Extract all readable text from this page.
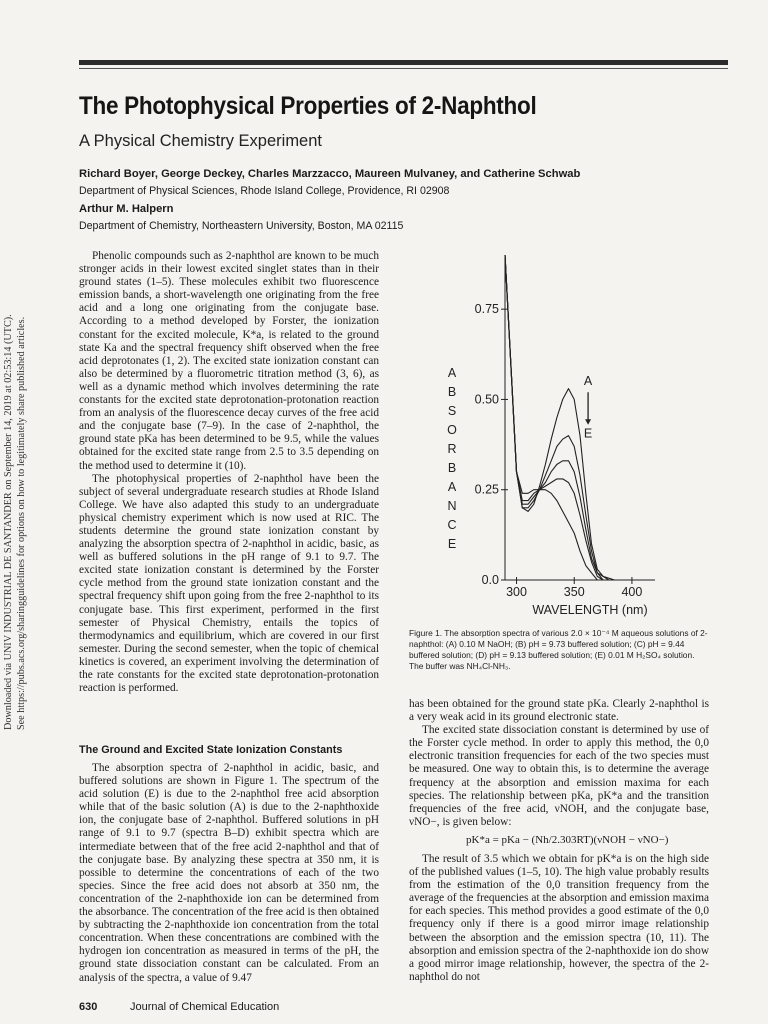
Downloaded via UNIV INDUSTRIAL DE SANTANDER on September 14, 2019 at 02:53:14 (UTC). See https://pubs.acs.org/sharingguidelines for options on how to legitimately share published articles.
The Photophysical Properties of 2-Naphthol
A Physical Chemistry Experiment
Richard Boyer, George Deckey, Charles Marzzacco, Maureen Mulvaney, and Catherine Schwab
Department of Physical Sciences, Rhode Island College, Providence, RI 02908
Arthur M. Halpern
Department of Chemistry, Northeastern University, Boston, MA 02115

Phenolic compounds such as 2-naphthol are known to be much stronger acids in their lowest excited singlet states than in their ground states (1–5). These molecules exhibit two fluorescence emission bands, a short-wavelength one originating from the free acid and a long one originating from the conjugate base. According to a method developed by Forster, the ionization constant for the excited molecule, K*a, is related to the ground state Ka and the spectral frequency shift observed when the free acid deprotonates (1, 2). The excited state ionization constant can also be determined by a fluorometric titration method (3, 6), as well as a dynamic method which involves determining the rate constants for the excited state deprotonation-protonation reaction from an analysis of the fluorescence decay curves of the free acid and the conjugate base (7–9). In the case of 2-naphthol, the ground state pKa has been determined to be 9.5, while the values obtained for the excited state range from 2.5 to 3.5 depending on the method used to determine it (10).

The photophysical properties of 2-naphthol have been the subject of several undergraduate research studies at Rhode Island College. We have also adapted this study to an undergraduate physical chemistry experiment which is now used at RIC. The students determine the ground state ionization constant by analyzing the absorption spectra of 2-naphthol in acidic, basic, as well as buffered solutions in the pH range of 9.1 to 9.7. The excited state ionization constant is determined by the Forster cycle method from the ground state ionization constant and the spectral frequency shift upon going from the free 2-naphthol to its conjugate base. This first experiment, performed in the first semester of Physical Chemistry, entails the topics of thermodynamics and equilibrium, which are covered in our first semester. During the second semester, when the topic of chemical kinetics is covered, an experiment involving the determination of the rate constants for the excited state deprotonation-protonation reaction is performed.

The Ground and Excited State Ionization Constants

The absorption spectra of 2-naphthol in acidic, basic, and buffered solutions are shown in Figure 1. The spectrum of the acid solution (E) is due to the 2-naphthol free acid absorption while that of the basic solution (A) is due to the 2-naphthoxide ion, the conjugate base of 2-naphthol. Buffered solutions in pH range of 9.1 to 9.7 (spectra B–D) exhibit spectra which are intermediate between that of the free acid 2-naphthol and that of the conjugate base. By analyzing these spectra at 350 nm, it is possible to determine the concentrations of each of the two species. Since the free acid does not absorb at 350 nm, the concentration of the 2-naphthoxide ion can be determined from the absorbance. The concentration of the free acid is then obtained by subtracting the 2-naphthoxide ion concentration from the total concentration. When these concentrations are combined with the hydrogen ion concentration as measured in terms of the pH, the ground state dissociation constant can be calculated. From an analysis of the spectra, a value of 9.47

A
B
S
O
R
B
A
N
C
E
0.0
0.25
0.50
0.75
300	350	400
WAVELENGTH (nm)
A
E
Figure 1. The absorption spectra of various 2.0 × 10⁻⁴ M aqueous solutions of 2-naphthol: (A) 0.10 M NaOH; (B) pH = 9.73 buffered solution; (C) pH = 9.44 buffered solution; (D) pH = 9.13 buffered solution; (E) 0.01 M H₂SO₄ solution. The buffer was NH₄Cl-NH₃.

has been obtained for the ground state pKa. Clearly 2-naphthol is a very weak acid in its ground electronic state.

The excited state dissociation constant is determined by use of the Forster cycle method. In order to apply this method, the 0,0 electronic transition frequencies for each of the two species must be measured. One way to obtain this, is to determine the average frequency at the absorption and emission maxima for each species. The relationship between pKa, pK*a and the transition frequencies of the free acid, νNOH, and the conjugate base, νNO−, is given below:

pK*a = pKa − (Nh/2.303RT)(νNOH − νNO−)

The result of 3.5 which we obtain for pK*a is on the high side of the published values (1–5, 10). The high value probably results from the estimation of the 0,0 transition frequency from the average of the frequencies at the absorption and emission maxima for each species. This method provides a good estimate of the 0,0 frequency only if there is a good mirror image relationship between the absorption and the emission spectra (10, 11). The absorption and emission spectra of the 2-naphthoxide ion do show a good mirror image relationship, however, the spectra of the 2-naphthol do not

630	Journal of Chemical Education
